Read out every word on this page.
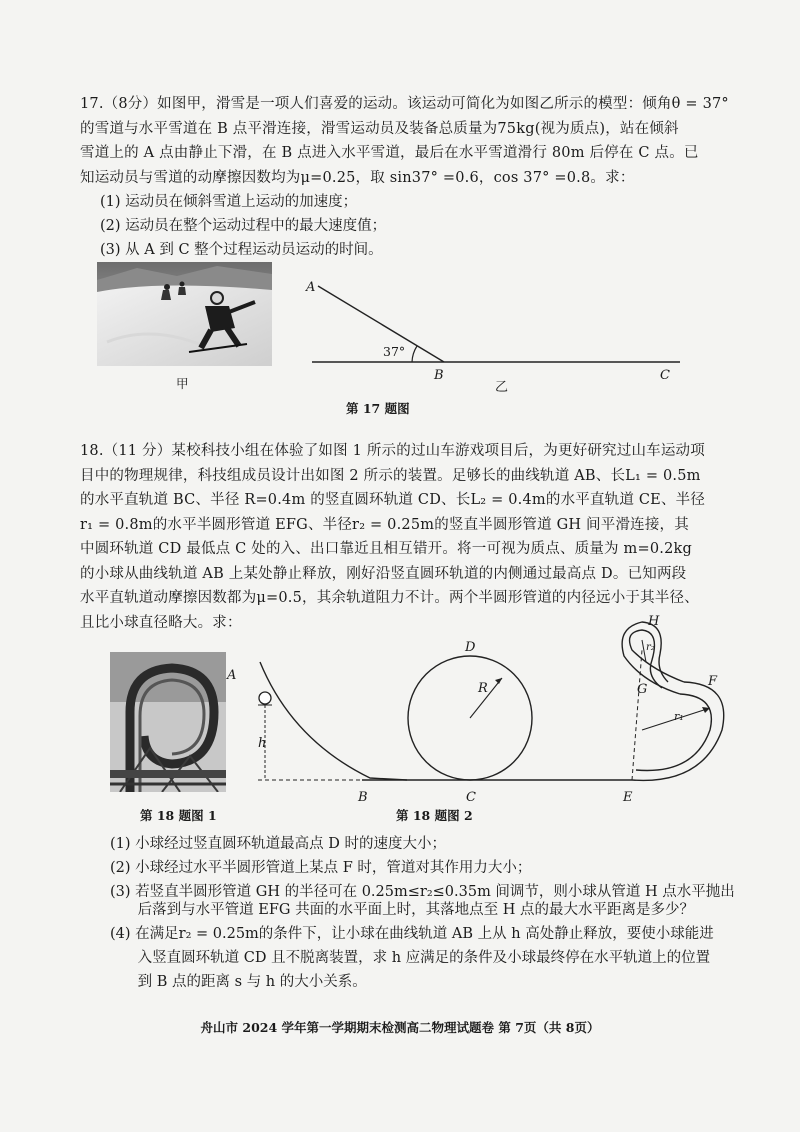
17.（8分）如图甲，滑雪是一项人们喜爱的运动。该运动可简化为如图乙所示的模型：倾角θ = 37°
的雪道与水平雪道在 B 点平滑连接，滑雪运动员及装备总质量为75kg(视为质点)，站在倾斜
雪道上的 A 点由静止下滑，在 B 点进入水平雪道，最后在水平雪道滑行 80m 后停在 C 点。已
知运动员与雪道的动摩擦因数均为μ=0.25，取 sin37° =0.6，cos 37° =0.8。求：
(1) 运动员在倾斜雪道上运动的加速度；
(2) 运动员在整个运动过程中的最大速度值；
(3) 从 A 到 C 整个过程运动员运动的时间。
甲
A
37°
B
乙
C
第 17 题图
18.（11 分）某校科技小组在体验了如图 1 所示的过山车游戏项目后，为更好研究过山车运动项
目中的物理规律，科技组成员设计出如图 2 所示的装置。足够长的曲线轨道 AB、长L₁ = 0.5m
的水平直轨道 BC、半径 R=0.4m 的竖直圆环轨道 CD、长L₂ = 0.4m的水平直轨道 CE、半径
r₁ = 0.8m的水平半圆形管道 EFG、半径r₂ = 0.25m的竖直半圆形管道 GH 间平滑连接，其
中圆环轨道 CD 最低点 C 处的入、出口靠近且相互错开。将一可视为质点、质量为 m=0.2kg
的小球从曲线轨道 AB 上某处静止释放，刚好沿竖直圆环轨道的内侧通过最高点 D。已知两段
水平直轨道动摩擦因数都为μ=0.5，其余轨道阻力不计。两个半圆形管道的内径远小于其半径、
且比小球直径略大。求：
第 18 题图 1
A
h
B	C
D
R
E
F
G
H
r₁
r₂
第 18 题图 2
(1) 小球经过竖直圆环轨道最高点 D 时的速度大小；
(2) 小球经过水平半圆形管道上某点 F 时，管道对其作用力大小；
(3) 若竖直半圆形管道 GH 的半径可在 0.25m≤r₂≤0.35m 间调节，则小球从管道 H 点水平抛出
后落到与水平管道 EFG 共面的水平面上时，其落地点至 H 点的最大水平距离是多少？
(4) 在满足r₂ = 0.25m的条件下，让小球在曲线轨道 AB 上从 h 高处静止释放，要使小球能进
入竖直圆环轨道 CD 且不脱离装置，求 h 应满足的条件及小球最终停在水平轨道上的位置
到 B 点的距离 s 与 h 的大小关系。
舟山市 2024 学年第一学期期末检测高二物理试题卷 第 7页（共 8页）
